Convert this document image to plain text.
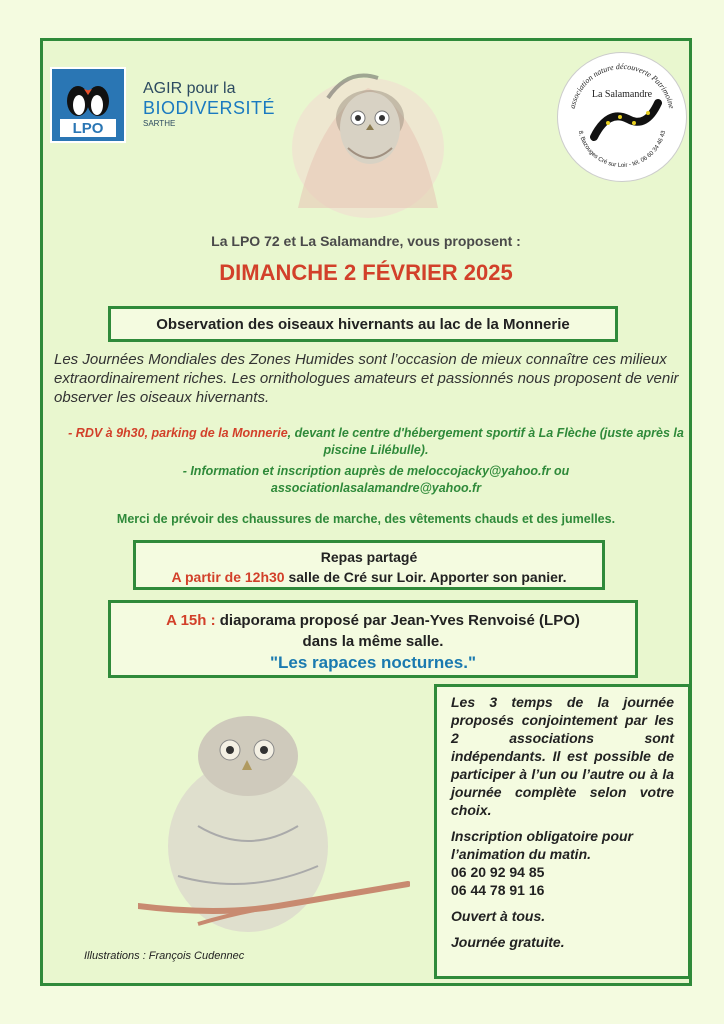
LPO
AGIR pour la
BIODIVERSITÉ
SARTHE
association nature découverte Patrimoine
La Salamandre
8, Bazouges Cré sur Loir - tél. 06 60 34 46 43
La LPO 72 et La Salamandre, vous proposent :
DIMANCHE 2 FÉVRIER 2025
Observation des oiseaux hivernants au lac de la Monnerie
Les Journées Mondiales des Zones Humides sont l’occasion de mieux connaître ces milieux extraordinairement riches. Les ornithologues amateurs et passionnés nous proposent de venir observer les oiseaux hivernants.
- RDV à 9h30, parking de la Monnerie, devant le centre d'hébergement sportif à La Flèche (juste après la piscine Lilébulle).
- Information et inscription auprès de meloccojacky@yahoo.fr ou
associationlasalamandre@yahoo.fr
Merci de prévoir des chaussures de marche, des vêtements chauds et des jumelles.
Repas partagé
A partir de 12h30 salle de Cré sur Loir. Apporter son panier.
A 15h : diaporama proposé par Jean-Yves Renvoisé (LPO)
dans la même salle.
"Les rapaces nocturnes."

Les 3 temps de la journée proposés conjointement par les 2 associations sont indépendants. Il est possible de participer à l’un ou l’autre ou à la journée complète selon votre choix.

Inscription obligatoire pour l’animation du matin.

06 20 92 94 85
06 44 78 91 16

Ouvert à tous.

Journée gratuite.

Illustrations : François Cudennec
